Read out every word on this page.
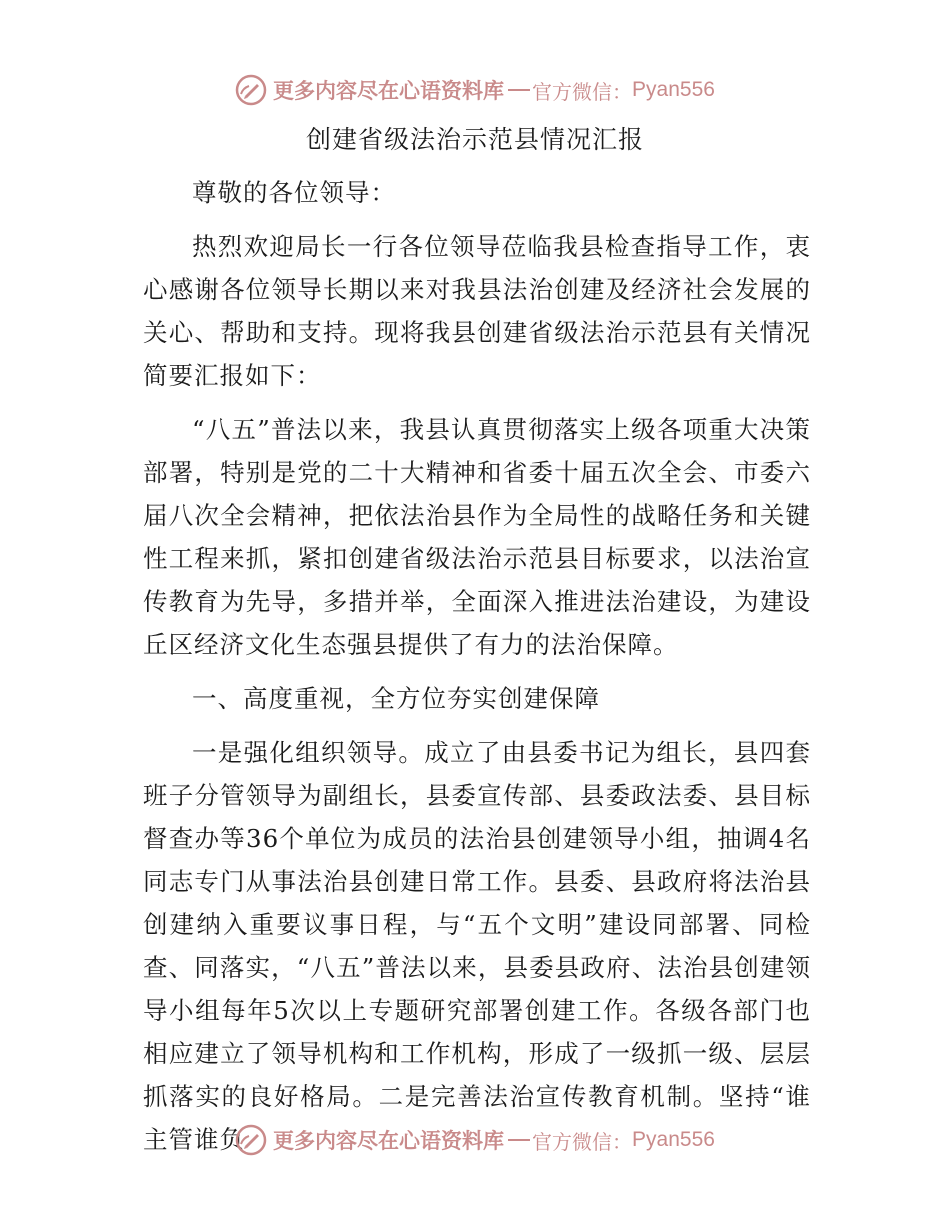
更多内容尽在心语资料库 官方微信： Pyan556
创建省级法治示范县情况汇报

尊敬的各位领导：

热烈欢迎局长一行各位领导莅临我县检查指导工作，衷心感谢各位领导长期以来对我县法治创建及经济社会发展的关心、帮助和支持。现将我县创建省级法治示范县有关情况简要汇报如下：

“八五”普法以来，我县认真贯彻落实上级各项重大决策部署，特别是党的二十大精神和省委十届五次全会、市委六届八次全会精神，把依法治县作为全局性的战略任务和关键性工程来抓，紧扣创建省级法治示范县目标要求，以法治宣传教育为先导，多措并举，全面深入推进法治建设，为建设丘区经济文化生态强县提供了有力的法治保障。

一、高度重视，全方位夯实创建保障

一是强化组织领导。成立了由县委书记为组长，县四套班子分管领导为副组长，县委宣传部、县委政法委、县目标督查办等36个单位为成员的法治县创建领导小组，抽调4名同志专门从事法治县创建日常工作。县委、县政府将法治县创建纳入重要议事日程，与“五个文明”建设同部署、同检查、同落实，“八五”普法以来，县委县政府、法治县创建领导小组每年5次以上专题研究部署创建工作。各级各部门也相应建立了领导机构和工作机构，形成了一级抓一级、层层抓落实的良好格局。二是完善法治宣传教育机制。坚持“谁主管谁负	更多内容尽在心语资料库 官方微信： Pyan556
